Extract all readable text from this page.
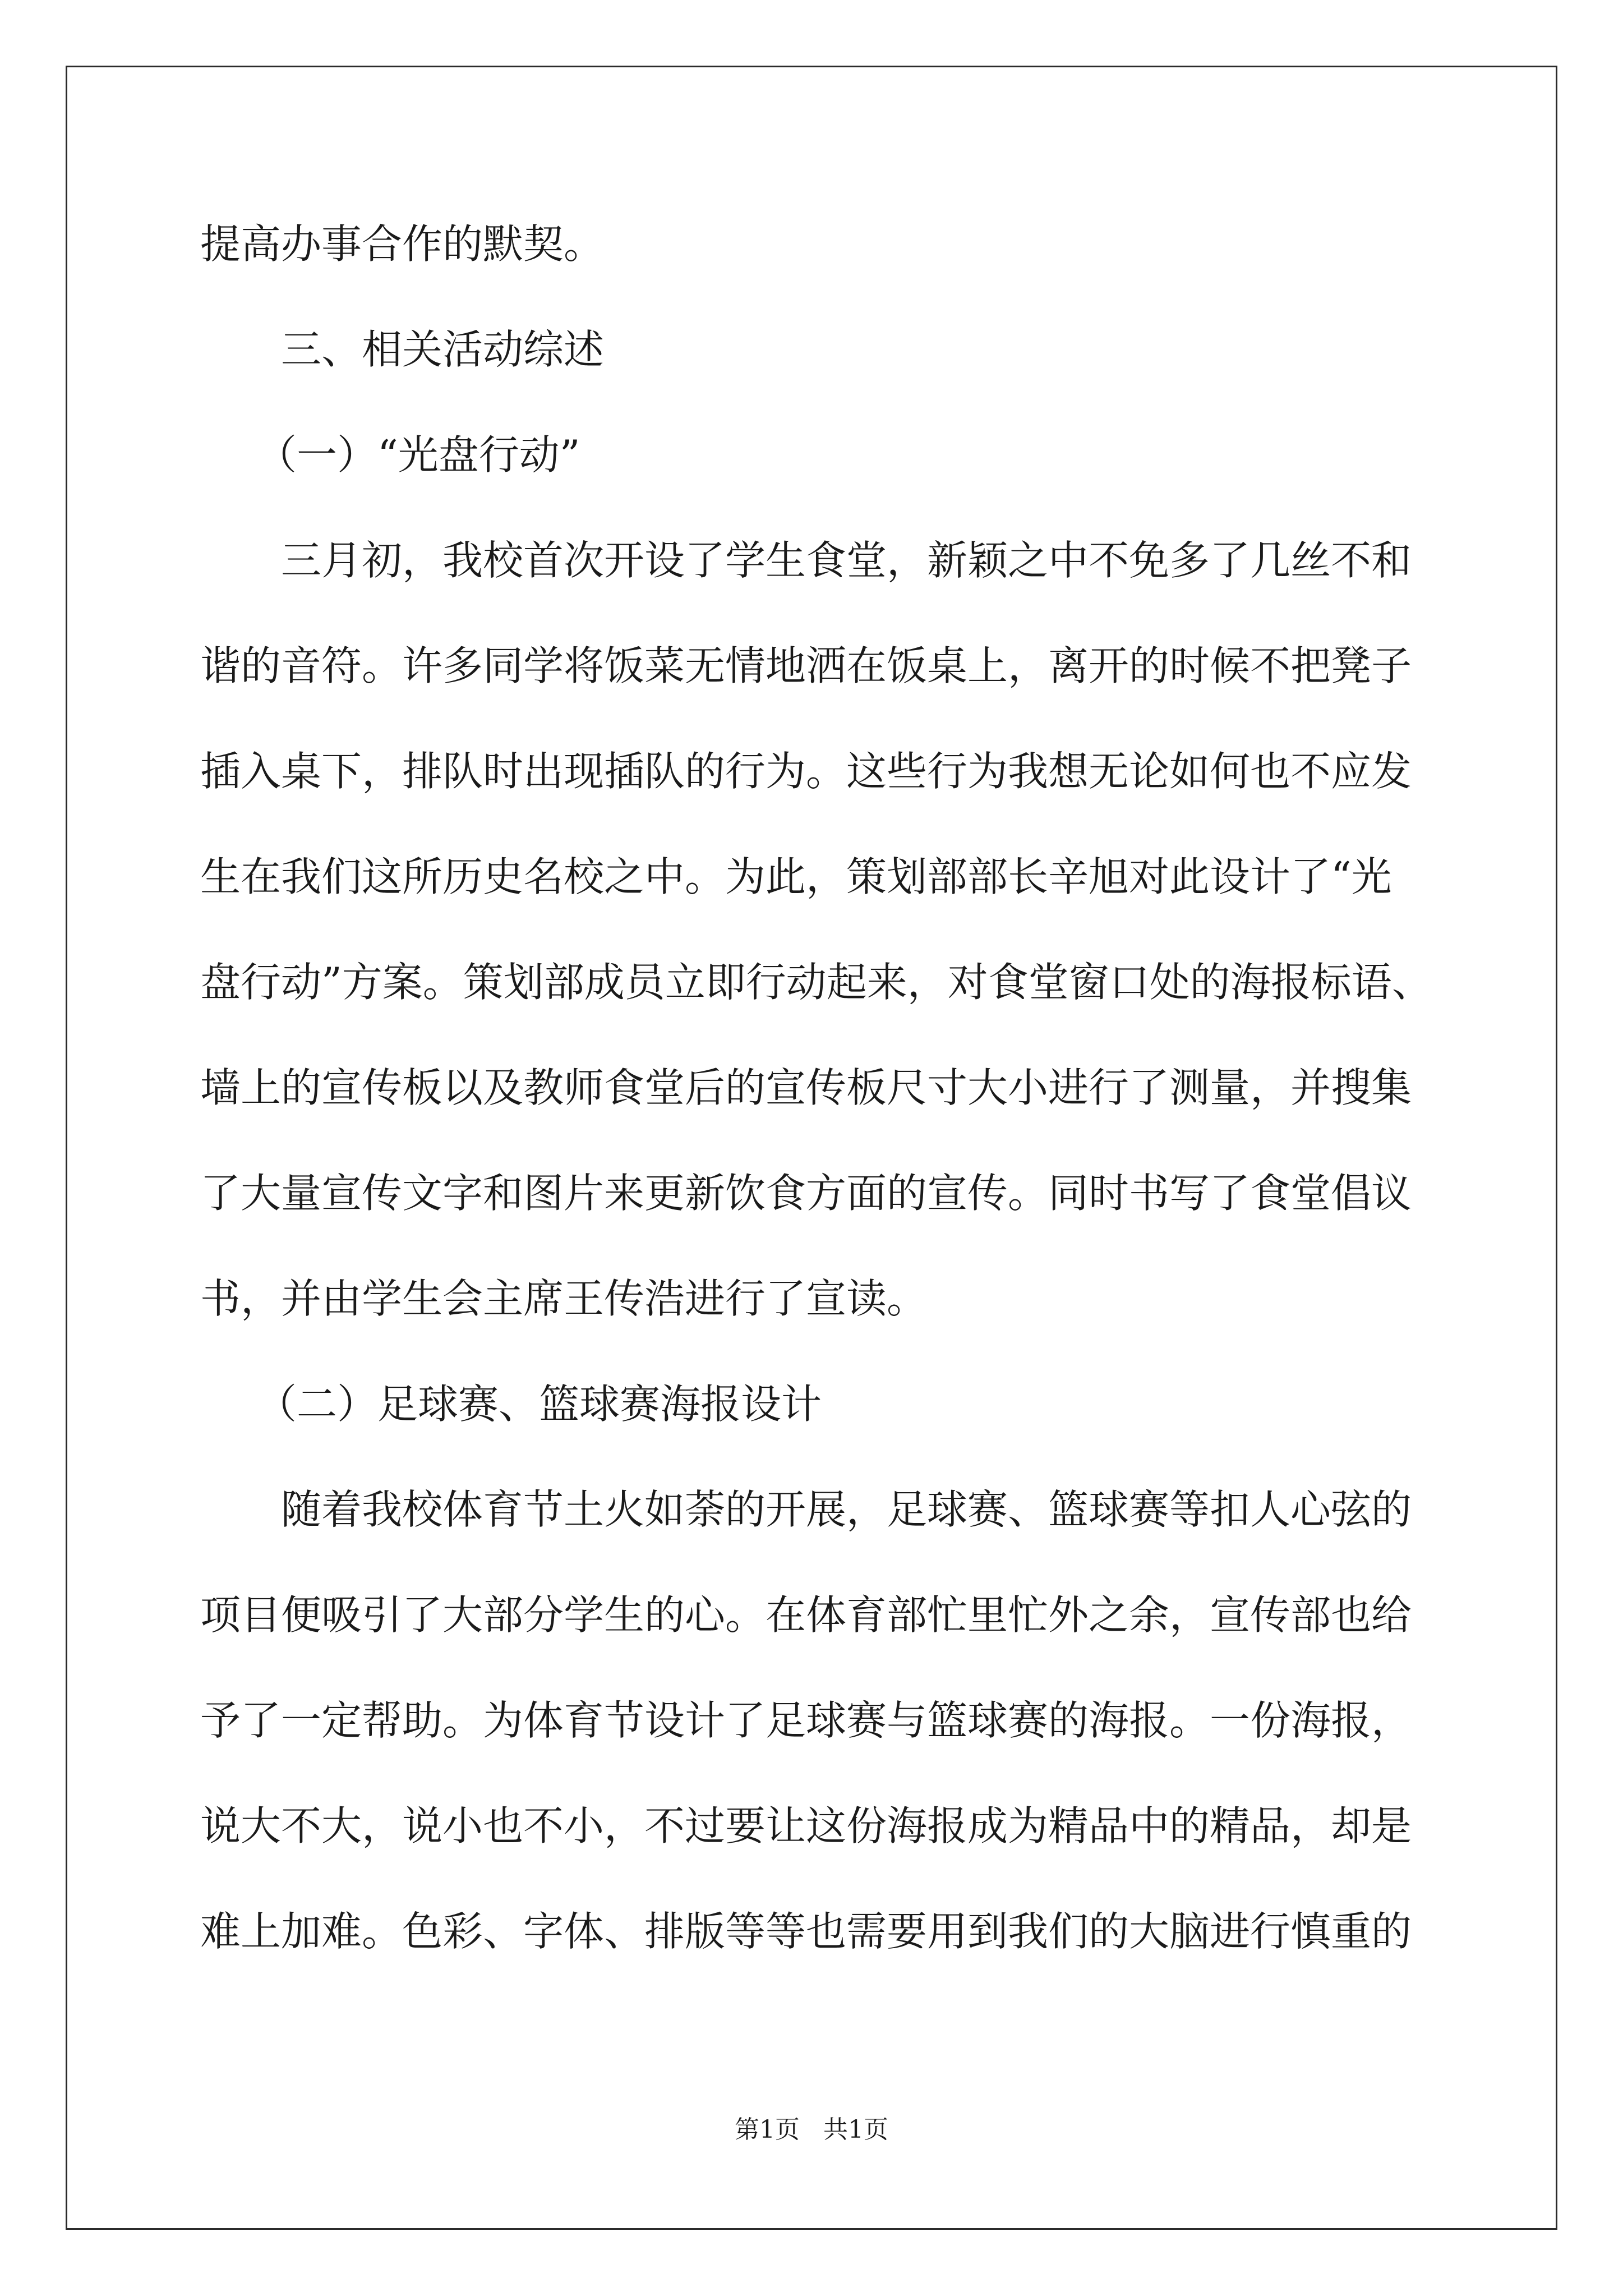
提高办事合作的默契。
三、相关活动综述
（一）“光盘行动”
三月初，我校首次开设了学生食堂，新颖之中不免多了几丝不和
谐的音符。许多同学将饭菜无情地洒在饭桌上，离开的时候不把凳子
插入桌下，排队时出现插队的行为。这些行为我想无论如何也不应发
生在我们这所历史名校之中。为此，策划部部长辛旭对此设计了“光
盘行动”方案。策划部成员立即行动起来，对食堂窗口处的海报标语、
墙上的宣传板以及教师食堂后的宣传板尺寸大小进行了测量，并搜集
了大量宣传文字和图片来更新饮食方面的宣传。同时书写了食堂倡议
书，并由学生会主席王传浩进行了宣读。
（二）足球赛、篮球赛海报设计
随着我校体育节土火如荼的开展，足球赛、篮球赛等扣人心弦的
项目便吸引了大部分学生的心。在体育部忙里忙外之余，宣传部也给
予了一定帮助。为体育节设计了足球赛与篮球赛的海报。一份海报，
说大不大，说小也不小，不过要让这份海报成为精品中的精品，却是
难上加难。色彩、字体、排版等等也需要用到我们的大脑进行慎重的
第1页   共1页
